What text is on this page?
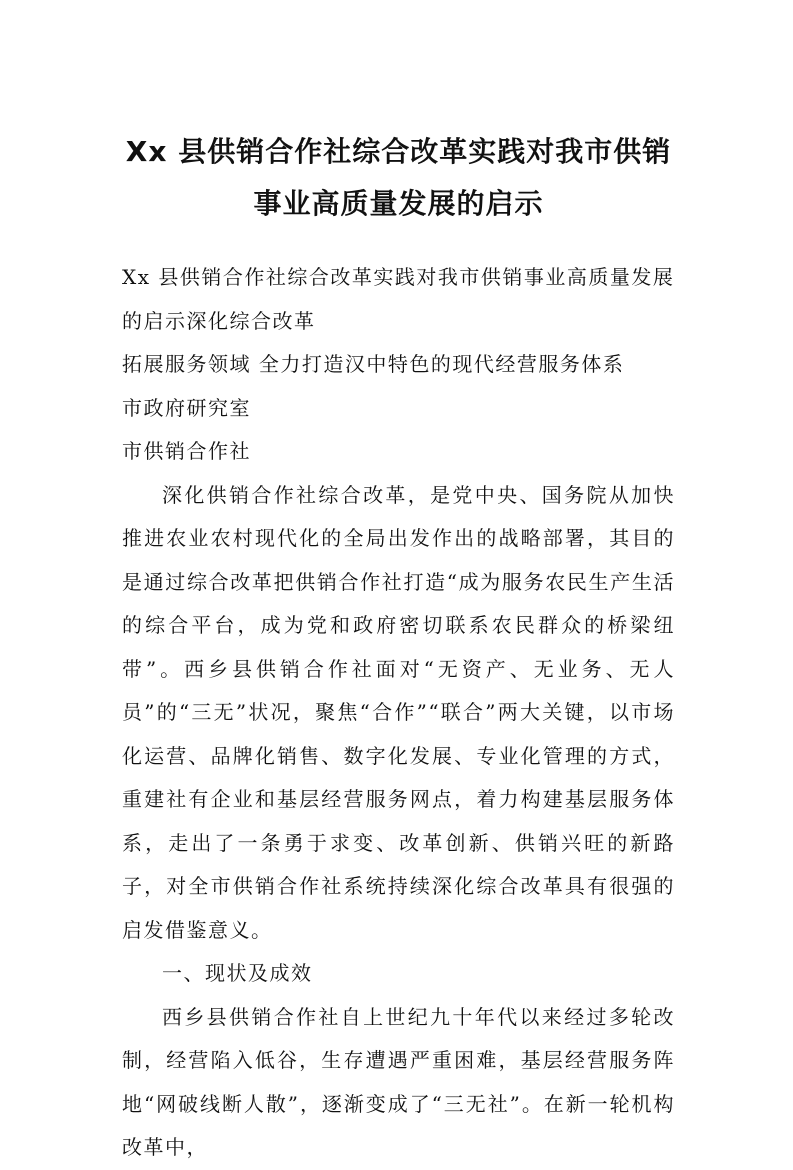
Xx 县供销合作社综合改革实践对我市供销
事业高质量发展的启示

Xx 县供销合作社综合改革实践对我市供销事业高质量发展的启示深化综合改革

拓展服务领域 全力打造汉中特色的现代经营服务体系

市政府研究室

市供销合作社

深化供销合作社综合改革，是党中央、国务院从加快推进农业农村现代化的全局出发作出的战略部署，其目的是通过综合改革把供销合作社打造“成为服务农民生产生活的综合平台，成为党和政府密切联系农民群众的桥梁纽带”。西乡县供销合作社面对“无资产、无业务、无人员”的“三无”状况，聚焦“合作”“联合”两大关键，以市场化运营、品牌化销售、数字化发展、专业化管理的方式，重建社有企业和基层经营服务网点，着力构建基层服务体系，走出了一条勇于求变、改革创新、供销兴旺的新路子，对全市供销合作社系统持续深化综合改革具有很强的启发借鉴意义。

一、现状及成效

西乡县供销合作社自上世纪九十年代以来经过多轮改制，经营陷入低谷，生存遭遇严重困难，基层经营服务阵地“网破线断人散”，逐渐变成了“三无社”。在新一轮机构改革中，
